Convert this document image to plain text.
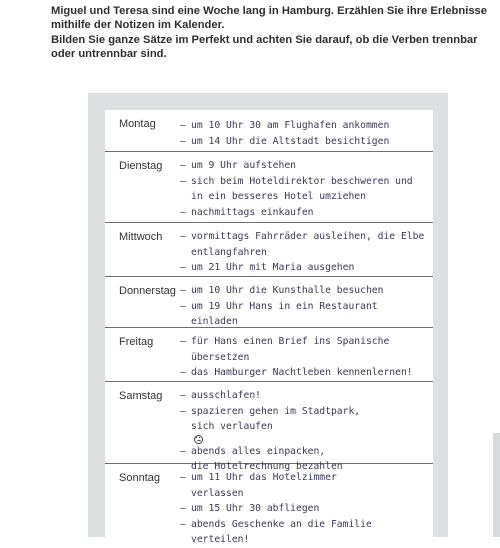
Miguel und Teresa sind eine Woche lang in Hamburg. Erzählen Sie ihre Erlebnisse

mithilfe der Notizen im Kalender.

Bilden Sie ganze Sätze im Perfekt und achten Sie darauf, ob die Verben trennbar

oder untrennbar sind.

Montag	– um 10 Uhr 30 am Flughafen ankommen
– um 14 Uhr die Altstadt besichtigen
Dienstag – um 9 Uhr aufstehen
– sich beim Hoteldirektor beschweren und
in ein besseres Hotel umziehen
– nachmittags einkaufen
Mittwoch – vormittags Fahrräder ausleihen, die Elbe
entlangfahren
– um 21 Uhr mit Maria ausgehen
Donnerstag – um 10 Uhr die Kunsthalle besuchen
– um 19 Uhr Hans in ein Restaurant
einladen
Freitag	– für Hans einen Brief ins Spanische
übersetzen
– das Hamburger Nachtleben kennenlernen!
Samstag – ausschlafen!
– spazieren gehen im Stadtpark,
sich verlaufen
– abends alles einpacken,
die Hotelrechnung bezahlen
Sonntag – um 11 Uhr das Hotelzimmer
verlassen
– um 15 Uhr 30 abfliegen
– abends Geschenke an die Familie
verteilen!
